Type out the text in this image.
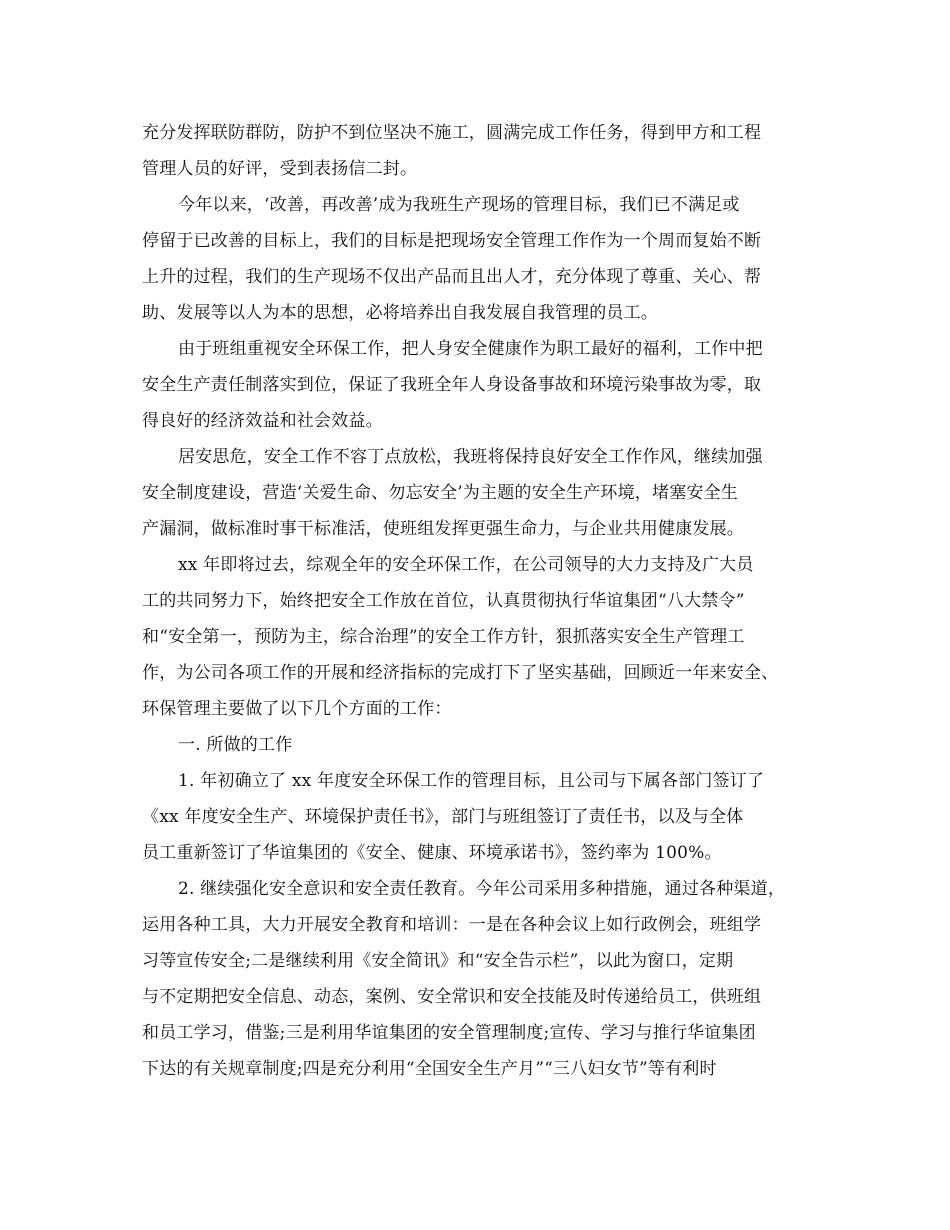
充分发挥联防群防，防护不到位坚决不施工，圆满完成工作任务，得到甲方和工程
管理人员的好评，受到表扬信二封。
今年以来，‘改善，再改善’成为我班生产现场的管理目标，我们已不满足或
停留于已改善的目标上，我们的目标是把现场安全管理工作作为一个周而复始不断
上升的过程，我们的生产现场不仅出产品而且出人才，充分体现了尊重、关心、帮
助、发展等以人为本的思想，必将培养出自我发展自我管理的员工。
由于班组重视安全环保工作，把人身安全健康作为职工最好的福利，工作中把
安全生产责任制落实到位，保证了我班全年人身设备事故和环境污染事故为零，取
得良好的经济效益和社会效益。
居安思危，安全工作不容丁点放松，我班将保持良好安全工作作风，继续加强
安全制度建设，营造‘关爱生命、勿忘安全’为主题的安全生产环境，堵塞安全生
产漏洞，做标准时事干标准活，使班组发挥更强生命力，与企业共用健康发展。
xx 年即将过去，综观全年的安全环保工作，在公司领导的大力支持及广大员
工的共同努力下，始终把安全工作放在首位，认真贯彻执行华谊集团“八大禁令”
和“安全第一，预防为主，综合治理”的安全工作方针，狠抓落实安全生产管理工
作，为公司各项工作的开展和经济指标的完成打下了坚实基础，回顾近一年来安全、
环保管理主要做了以下几个方面的工作：
一. 所做的工作
1. 年初确立了 xx 年度安全环保工作的管理目标，且公司与下属各部门签订了
《xx 年度安全生产、环境保护责任书》，部门与班组签订了责任书，以及与全体
员工重新签订了华谊集团的《安全、健康、环境承诺书》，签约率为 100%。
2. 继续强化安全意识和安全责任教育。今年公司采用多种措施，通过各种渠道，
运用各种工具，大力开展安全教育和培训：一是在各种会议上如行政例会，班组学
习等宣传安全;二是继续利用《安全简讯》和“安全告示栏”，以此为窗口，定期
与不定期把安全信息、动态，案例、安全常识和安全技能及时传递给员工，供班组
和员工学习，借鉴;三是利用华谊集团的安全管理制度;宣传、学习与推行华谊集团
下达的有关规章制度;四是充分利用“全国安全生产月”“三八妇女节”等有利时
